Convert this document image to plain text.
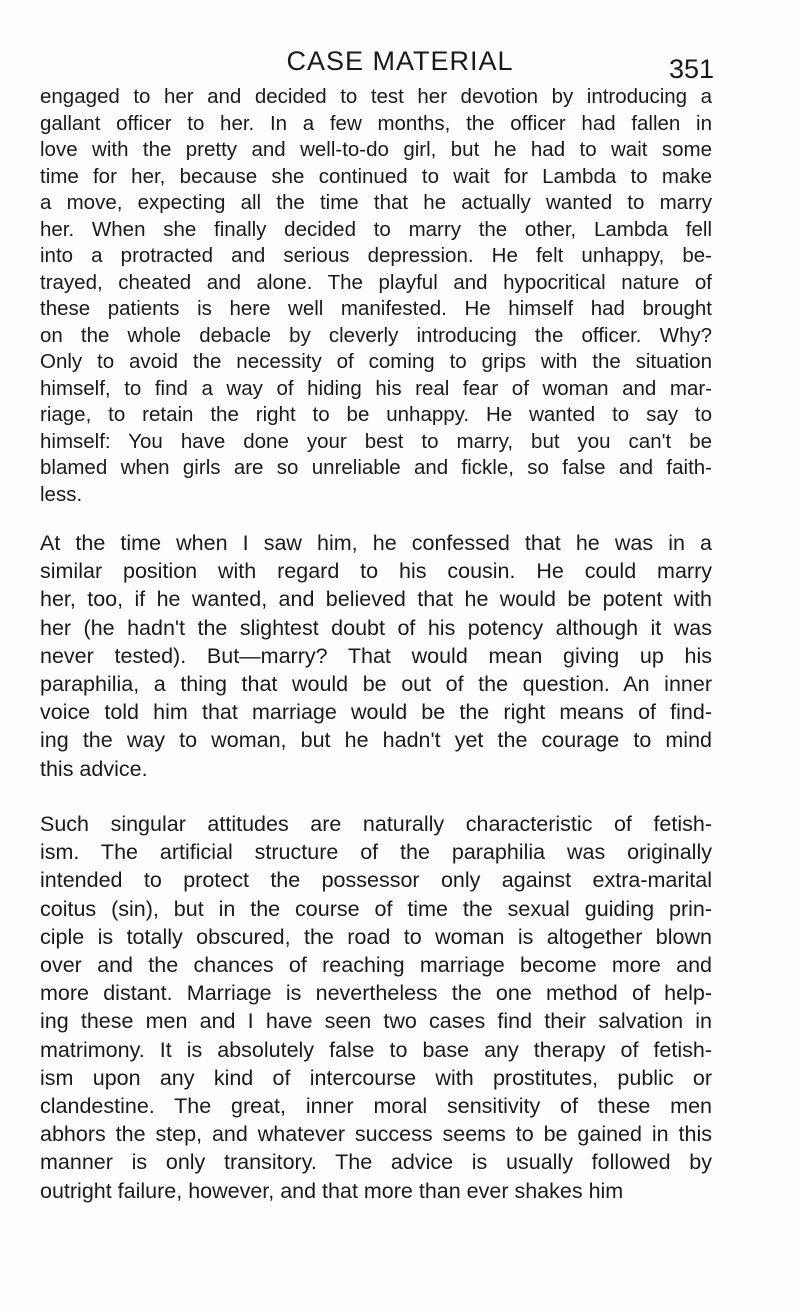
CASE MATERIAL	351
engaged to her and decided to test her devotion by introducing a
gallant officer to her. In a few months, the officer had fallen in
love with the pretty and well-to-do girl, but he had to wait some
time for her, because she continued to wait for Lambda to make
a move, expecting all the time that he actually wanted to marry
her. When she finally decided to marry the other, Lambda fell
into a protracted and serious depression. He felt unhappy, be-
trayed, cheated and alone. The playful and hypocritical nature of
these patients is here well manifested. He himself had brought
on the whole debacle by cleverly introducing the officer. Why?
Only to avoid the necessity of coming to grips with the situation
himself, to find a way of hiding his real fear of woman and mar-
riage, to retain the right to be unhappy. He wanted to say to
himself: You have done your best to marry, but you can't be
blamed when girls are so unreliable and fickle, so false and faith-
less.
At the time when I saw him, he confessed that he was in a
similar position with regard to his cousin. He could marry
her, too, if he wanted, and believed that he would be potent with
her (he hadn't the slightest doubt of his potency although it was
never tested). But—marry? That would mean giving up his
paraphilia, a thing that would be out of the question. An inner
voice told him that marriage would be the right means of find-
ing the way to woman, but he hadn't yet the courage to mind
this advice.
Such singular attitudes are naturally characteristic of fetish-
ism. The artificial structure of the paraphilia was originally
intended to protect the possessor only against extra-marital
coitus (sin), but in the course of time the sexual guiding prin-
ciple is totally obscured, the road to woman is altogether blown
over and the chances of reaching marriage become more and
more distant. Marriage is nevertheless the one method of help-
ing these men and I have seen two cases find their salvation in
matrimony. It is absolutely false to base any therapy of fetish-
ism upon any kind of intercourse with prostitutes, public or
clandestine. The great, inner moral sensitivity of these men
abhors the step, and whatever success seems to be gained in this
manner is only transitory. The advice is usually followed by
outright failure, however, and that more than ever shakes him
